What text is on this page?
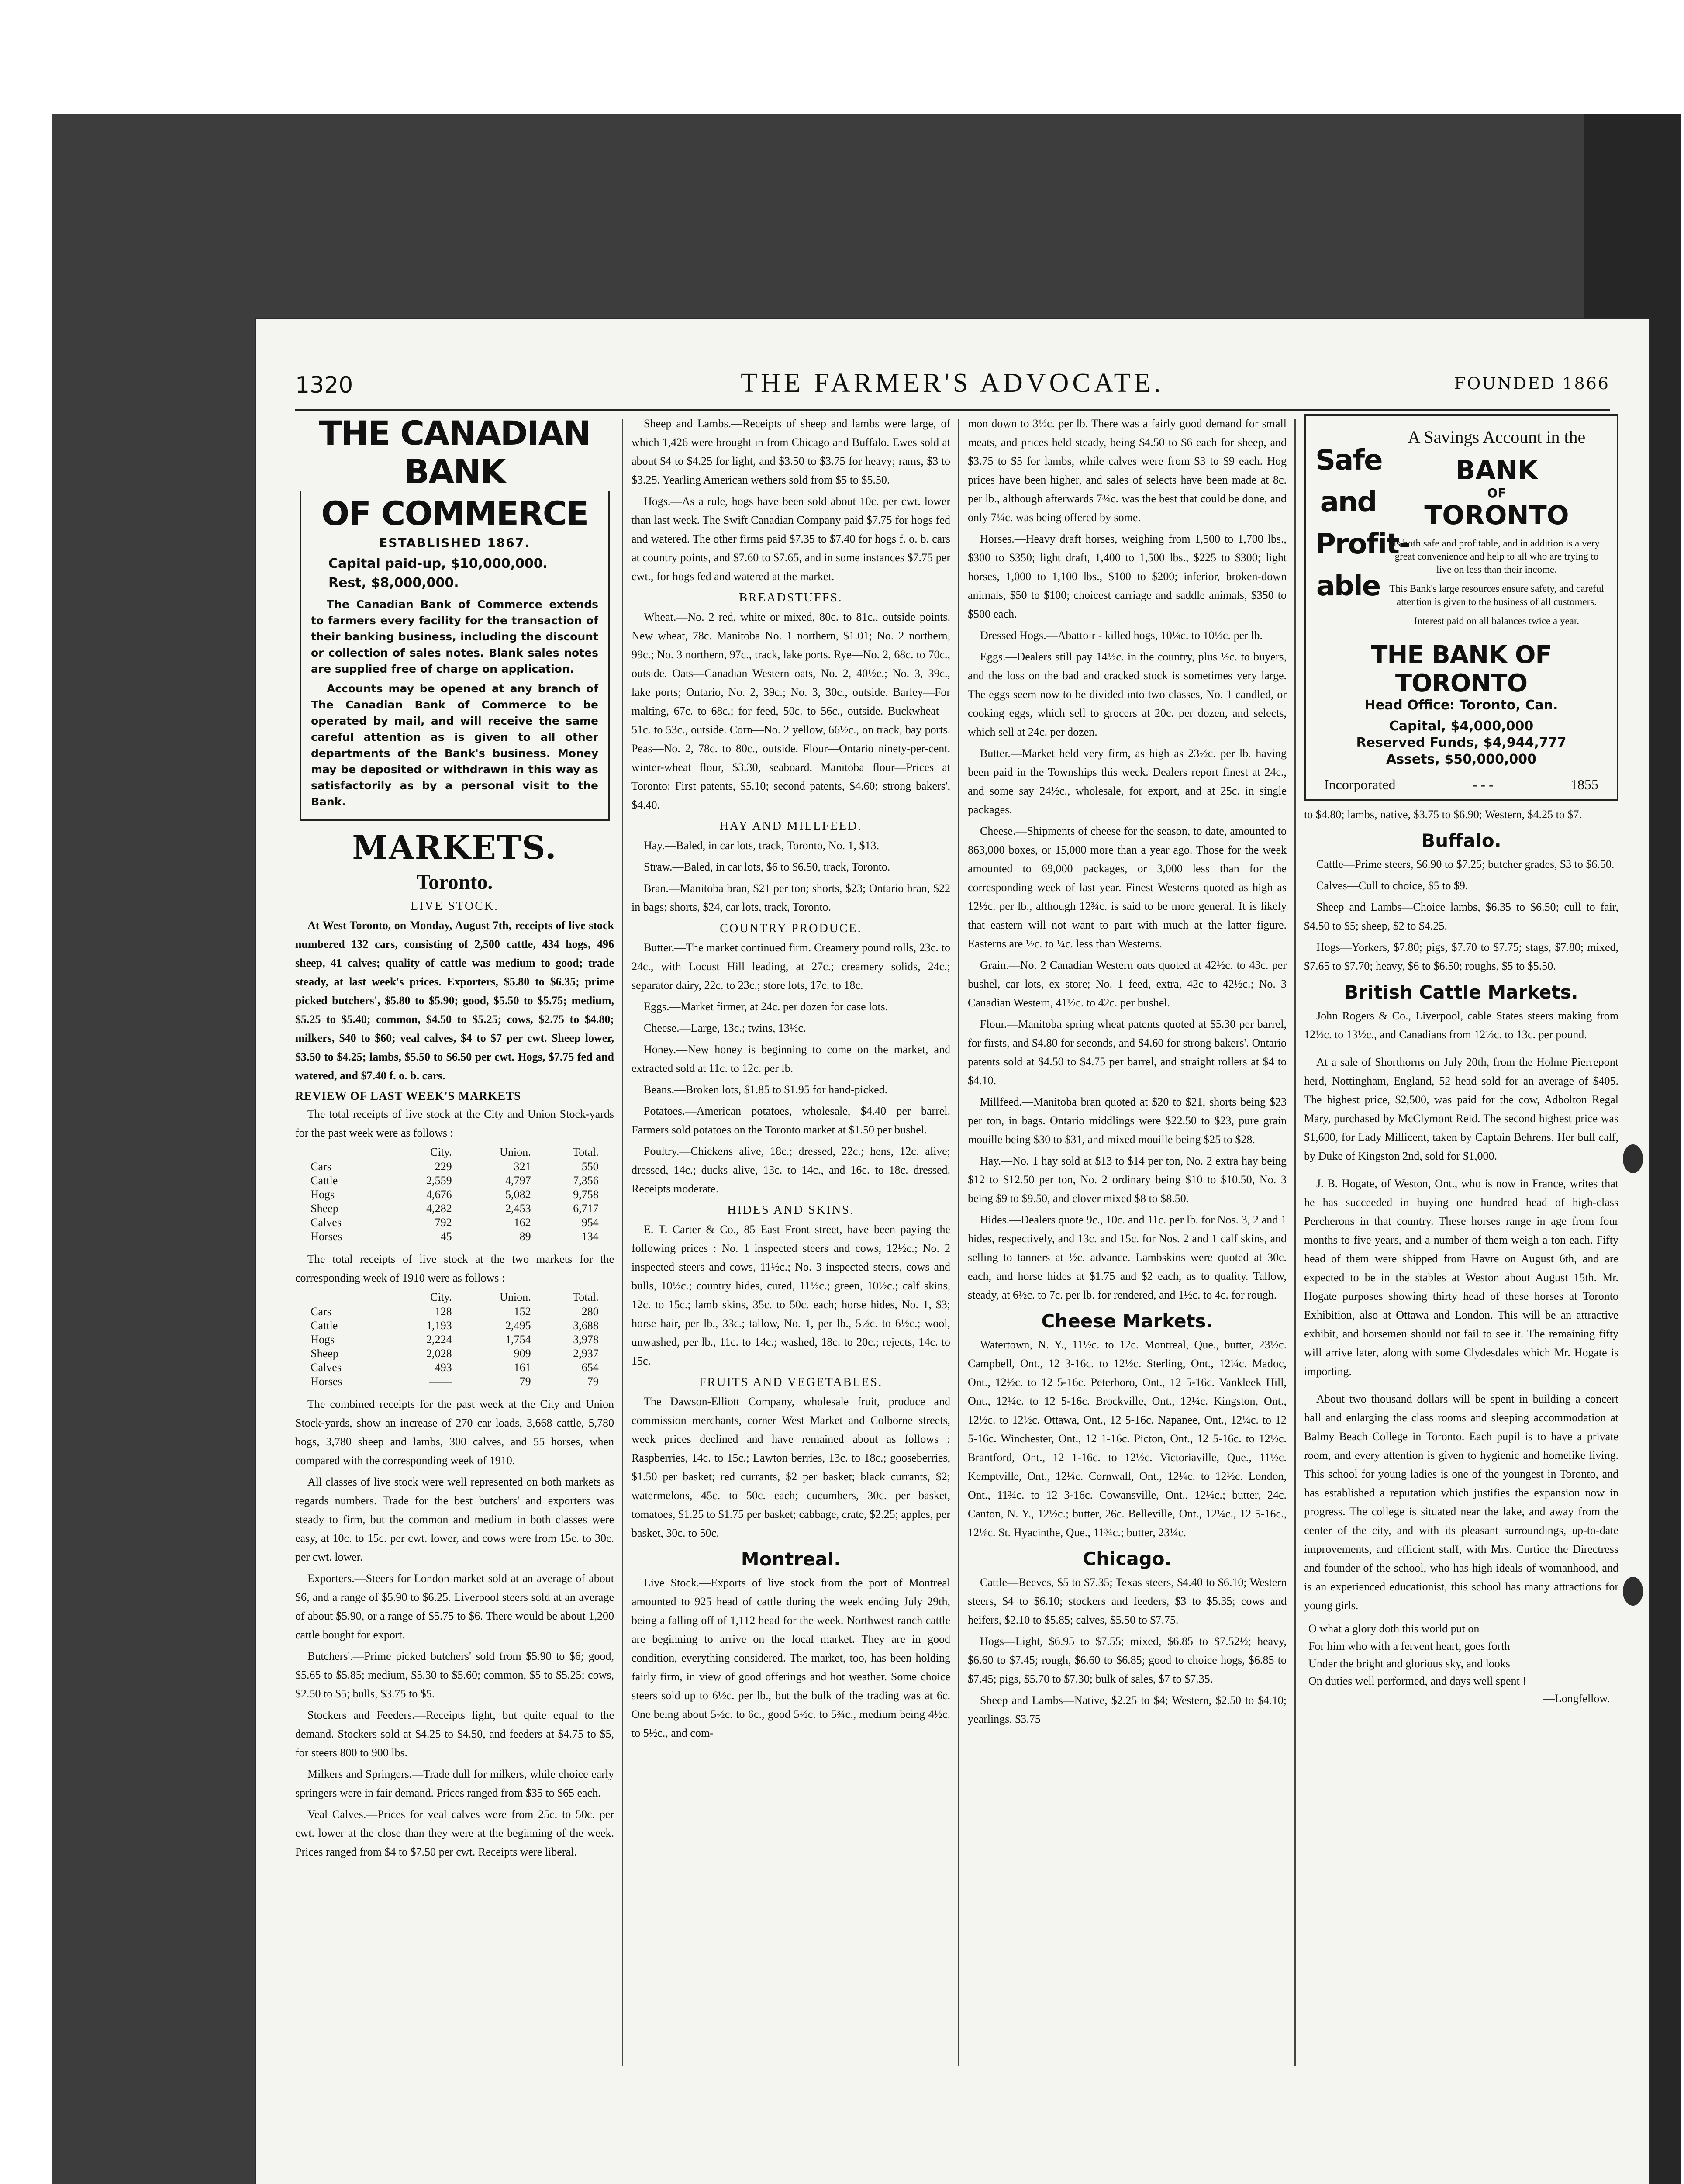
1320	THE FARMER'S ADVOCATE.	FOUNDED 1866
THE CANADIAN BANK
OF COMMERCE
ESTABLISHED 1867.
Capital paid-up, $10,000,000.
Rest, $8,000,000.

The Canadian Bank of Commerce extends to farmers every facility for the transaction of their banking business, including the discount or collection of sales notes. Blank sales notes are supplied free of charge on application.

Accounts may be opened at any branch of The Canadian Bank of Commerce to be operated by mail, and will receive the same careful attention as is given to all other departments of the Bank's business. Money may be deposited or withdrawn in this way as satisfactorily as by a personal visit to the Bank.

MARKETS.
Toronto.
LIVE STOCK.

At West Toronto, on Monday, August 7th, receipts of live stock numbered 132 cars, consisting of 2,500 cattle, 434 hogs, 496 sheep, 41 calves; quality of cattle was medium to good; trade steady, at last week's prices. Exporters, $5.80 to $6.35; prime picked butchers', $5.80 to $5.90; good, $5.50 to $5.75; medium, $5.25 to $5.40; common, $4.50 to $5.25; cows, $2.75 to $4.80; milkers, $40 to $60; veal calves, $4 to $7 per cwt. Sheep lower, $3.50 to $4.25; lambs, $5.50 to $6.50 per cwt. Hogs, $7.75 fed and watered, and $7.40 f. o. b. cars.

REVIEW OF LAST WEEK'S MARKETS

The total receipts of live stock at the City and Union Stock-yards for the past week were as follows :

	City.	Union.	Total.
Cars	229	321	550
Cattle	2,559	4,797	7,356
Hogs	4,676	5,082	9,758
Sheep	4,282	2,453	6,717
Calves	792	162	954
Horses	45	89	134

The total receipts of live stock at the two markets for the corresponding week of 1910 were as follows :

	City.	Union.	Total.
Cars	128	152	280
Cattle	1,193	2,495	3,688
Hogs	2,224	1,754	3,978
Sheep	2,028	909	2,937
Calves	493	161	654
Horses	——	79	79

The combined receipts for the past week at the City and Union Stock-yards, show an increase of 270 car loads, 3,668 cattle, 5,780 hogs, 3,780 sheep and lambs, 300 calves, and 55 horses, when compared with the corresponding week of 1910.

All classes of live stock were well represented on both markets as regards numbers. Trade for the best butchers' and exporters was steady to firm, but the common and medium in both classes were easy, at 10c. to 15c. per cwt. lower, and cows were from 15c. to 30c. per cwt. lower.

Exporters.—Steers for London market sold at an average of about $6, and a range of $5.90 to $6.25. Liverpool steers sold at an average of about $5.90, or a range of $5.75 to $6. There would be about 1,200 cattle bought for export.

Butchers'.—Prime picked butchers' sold from $5.90 to $6; good, $5.65 to $5.85; medium, $5.30 to $5.60; common, $5 to $5.25; cows, $2.50 to $5; bulls, $3.75 to $5.

Stockers and Feeders.—Receipts light, but quite equal to the demand. Stockers sold at $4.25 to $4.50, and feeders at $4.75 to $5, for steers 800 to 900 lbs.

Milkers and Springers.—Trade dull for milkers, while choice early springers were in fair demand. Prices ranged from $35 to $65 each.

Veal Calves.—Prices for veal calves were from 25c. to 50c. per cwt. lower at the close than they were at the beginning of the week. Prices ranged from $4 to $7.50 per cwt. Receipts were liberal.

Sheep and Lambs.—Receipts of sheep and lambs were large, of which 1,426 were brought in from Chicago and Buffalo. Ewes sold at about $4 to $4.25 for light, and $3.50 to $3.75 for heavy; rams, $3 to $3.25. Yearling American wethers sold from $5 to $5.50.

Hogs.—As a rule, hogs have been sold about 10c. per cwt. lower than last week. The Swift Canadian Company paid $7.75 for hogs fed and watered. The other firms paid $7.35 to $7.40 for hogs f. o. b. cars at country points, and $7.60 to $7.65, and in some instances $7.75 per cwt., for hogs fed and watered at the market.

BREADSTUFFS.

Wheat.—No. 2 red, white or mixed, 80c. to 81c., outside points. New wheat, 78c. Manitoba No. 1 northern, $1.01; No. 2 northern, 99c.; No. 3 northern, 97c., track, lake ports. Rye—No. 2, 68c. to 70c., outside. Oats—Canadian Western oats, No. 2, 40½c.; No. 3, 39c., lake ports; Ontario, No. 2, 39c.; No. 3, 30c., outside. Barley—For malting, 67c. to 68c.; for feed, 50c. to 56c., outside. Buckwheat—51c. to 53c., outside. Corn—No. 2 yellow, 66½c., on track, bay ports. Peas—No. 2, 78c. to 80c., outside. Flour—Ontario ninety-per-cent. winter-wheat flour, $3.30, seaboard. Manitoba flour—Prices at Toronto: First patents, $5.10; second patents, $4.60; strong bakers', $4.40.

HAY AND MILLFEED.

Hay.—Baled, in car lots, track, Toronto, No. 1, $13.

Straw.—Baled, in car lots, $6 to $6.50, track, Toronto.

Bran.—Manitoba bran, $21 per ton; shorts, $23; Ontario bran, $22 in bags; shorts, $24, car lots, track, Toronto.

COUNTRY PRODUCE.

Butter.—The market continued firm. Creamery pound rolls, 23c. to 24c., with Locust Hill leading, at 27c.; creamery solids, 24c.; separator dairy, 22c. to 23c.; store lots, 17c. to 18c.

Eggs.—Market firmer, at 24c. per dozen for case lots.

Cheese.—Large, 13c.; twins, 13½c.

Honey.—New honey is beginning to come on the market, and extracted sold at 11c. to 12c. per lb.

Beans.—Broken lots, $1.85 to $1.95 for hand-picked.

Potatoes.—American potatoes, wholesale, $4.40 per barrel. Farmers sold potatoes on the Toronto market at $1.50 per bushel.

Poultry.—Chickens alive, 18c.; dressed, 22c.; hens, 12c. alive; dressed, 14c.; ducks alive, 13c. to 14c., and 16c. to 18c. dressed. Receipts moderate.

HIDES AND SKINS.

E. T. Carter & Co., 85 East Front street, have been paying the following prices : No. 1 inspected steers and cows, 12½c.; No. 2 inspected steers and cows, 11½c.; No. 3 inspected steers, cows and bulls, 10½c.; country hides, cured, 11½c.; green, 10½c.; calf skins, 12c. to 15c.; lamb skins, 35c. to 50c. each; horse hides, No. 1, $3; horse hair, per lb., 33c.; tallow, No. 1, per lb., 5½c. to 6½c.; wool, unwashed, per lb., 11c. to 14c.; washed, 18c. to 20c.; rejects, 14c. to 15c.

FRUITS AND VEGETABLES.

The Dawson-Elliott Company, wholesale fruit, produce and commission merchants, corner West Market and Colborne streets, week prices declined and have remained about as follows : Raspberries, 14c. to 15c.; Lawton berries, 13c. to 18c.; gooseberries, $1.50 per basket; red currants, $2 per basket; black currants, $2; watermelons, 45c. to 50c. each; cucumbers, 30c. per basket, tomatoes, $1.25 to $1.75 per basket; cabbage, crate, $2.25; apples, per basket, 30c. to 50c.

Montreal.

Live Stock.—Exports of live stock from the port of Montreal amounted to 925 head of cattle during the week ending July 29th, being a falling off of 1,112 head for the week. Northwest ranch cattle are beginning to arrive on the local market. They are in good condition, everything considered. The market, too, has been holding fairly firm, in view of good offerings and hot weather. Some choice steers sold up to 6½c. per lb., but the bulk of the trading was at 6c. One being about 5½c. to 6c., good 5½c. to 5¾c., medium being 4½c. to 5½c., and com-

mon down to 3½c. per lb. There was a fairly good demand for small meats, and prices held steady, being $4.50 to $6 each for sheep, and $3.75 to $5 for lambs, while calves were from $3 to $9 each. Hog prices have been higher, and sales of selects have been made at 8c. per lb., although afterwards 7¾c. was the best that could be done, and only 7¼c. was being offered by some.

Horses.—Heavy draft horses, weighing from 1,500 to 1,700 lbs., $300 to $350; light draft, 1,400 to 1,500 lbs., $225 to $300; light horses, 1,000 to 1,100 lbs., $100 to $200; inferior, broken-down animals, $50 to $100; choicest carriage and saddle animals, $350 to $500 each.

Dressed Hogs.—Abattoir - killed hogs, 10¼c. to 10½c. per lb.

Eggs.—Dealers still pay 14½c. in the country, plus ½c. to buyers, and the loss on the bad and cracked stock is sometimes very large. The eggs seem now to be divided into two classes, No. 1 candled, or cooking eggs, which sell to grocers at 20c. per dozen, and selects, which sell at 24c. per dozen.

Butter.—Market held very firm, as high as 23½c. per lb. having been paid in the Townships this week. Dealers report finest at 24c., and some say 24½c., wholesale, for export, and at 25c. in single packages.

Cheese.—Shipments of cheese for the season, to date, amounted to 863,000 boxes, or 15,000 more than a year ago. Those for the week amounted to 69,000 packages, or 3,000 less than for the corresponding week of last year. Finest Westerns quoted as high as 12½c. per lb., although 12¾c. is said to be more general. It is likely that eastern will not want to part with much at the latter figure. Easterns are ½c. to ¼c. less than Westerns.

Grain.—No. 2 Canadian Western oats quoted at 42½c. to 43c. per bushel, car lots, ex store; No. 1 feed, extra, 42c to 42½c.; No. 3 Canadian Western, 41½c. to 42c. per bushel.

Flour.—Manitoba spring wheat patents quoted at $5.30 per barrel, for firsts, and $4.80 for seconds, and $4.60 for strong bakers'. Ontario patents sold at $4.50 to $4.75 per barrel, and straight rollers at $4 to $4.10.

Millfeed.—Manitoba bran quoted at $20 to $21, shorts being $23 per ton, in bags. Ontario middlings were $22.50 to $23, pure grain mouille being $30 to $31, and mixed mouille being $25 to $28.

Hay.—No. 1 hay sold at $13 to $14 per ton, No. 2 extra hay being $12 to $12.50 per ton, No. 2 ordinary being $10 to $10.50, No. 3 being $9 to $9.50, and clover mixed $8 to $8.50.

Hides.—Dealers quote 9c., 10c. and 11c. per lb. for Nos. 3, 2 and 1 hides, respectively, and 13c. and 15c. for Nos. 2 and 1 calf skins, and selling to tanners at ½c. advance. Lambskins were quoted at 30c. each, and horse hides at $1.75 and $2 each, as to quality. Tallow, steady, at 6½c. to 7c. per lb. for rendered, and 1½c. to 4c. for rough.

Cheese Markets.

Watertown, N. Y., 11½c. to 12c. Montreal, Que., butter, 23½c. Campbell, Ont., 12 3-16c. to 12½c. Sterling, Ont., 12¼c. Madoc, Ont., 12½c. to 12 5-16c. Peterboro, Ont., 12 5-16c. Vankleek Hill, Ont., 12¼c. to 12 5-16c. Brockville, Ont., 12¼c. Kingston, Ont., 12½c. to 12½c. Ottawa, Ont., 12 5-16c. Napanee, Ont., 12¼c. to 12 5-16c. Winchester, Ont., 12 1-16c. Picton, Ont., 12 5-16c. to 12½c. Brantford, Ont., 12 1-16c. to 12½c. Victoriaville, Que., 11½c. Kemptville, Ont., 12¼c. Cornwall, Ont., 12¼c. to 12½c. London, Ont., 11¾c. to 12 3-16c. Cowansville, Ont., 12¼c.; butter, 24c. Canton, N. Y., 12½c.; butter, 26c. Belleville, Ont., 12¼c., 12 5-16c., 12⅛c. St. Hyacinthe, Que., 11¾c.; butter, 23¼c.

Chicago.

Cattle—Beeves, $5 to $7.35; Texas steers, $4.40 to $6.10; Western steers, $4 to $6.10; stockers and feeders, $3 to $5.35; cows and heifers, $2.10 to $5.85; calves, $5.50 to $7.75.

Hogs—Light, $6.95 to $7.55; mixed, $6.85 to $7.52½; heavy, $6.60 to $7.45; rough, $6.60 to $6.85; good to choice hogs, $6.85 to $7.45; pigs, $5.70 to $7.30; bulk of sales, $7 to $7.35.

Sheep and Lambs—Native, $2.25 to $4; Western, $2.50 to $4.10; yearlings, $3.75

Safe
and
Profit-
able
A Savings Account in the
BANK
OF
TORONTO
is both safe and profitable, and in addition is a very great convenience and help to all who are trying to live on less than their income.
This Bank's large resources ensure safety, and careful attention is given to the business of all customers.
Interest paid on all balances twice a year.
THE BANK OF TORONTO
Head Office: Toronto, Can.
Capital, $4,000,000
Reserved Funds, $4,944,777
Assets, $50,000,000
Incorporated	- - -	1855

to $4.80; lambs, native, $3.75 to $6.90; Western, $4.25 to $7.

Buffalo.

Cattle—Prime steers, $6.90 to $7.25; butcher grades, $3 to $6.50.

Calves—Cull to choice, $5 to $9.

Sheep and Lambs—Choice lambs, $6.35 to $6.50; cull to fair, $4.50 to $5; sheep, $2 to $4.25.

Hogs—Yorkers, $7.80; pigs, $7.70 to $7.75; stags, $7.80; mixed, $7.65 to $7.70; heavy, $6 to $6.50; roughs, $5 to $5.50.

British Cattle Markets.

John Rogers & Co., Liverpool, cable States steers making from 12½c. to 13½c., and Canadians from 12½c. to 13c. per pound.

At a sale of Shorthorns on July 20th, from the Holme Pierrepont herd, Nottingham, England, 52 head sold for an average of $405. The highest price, $2,500, was paid for the cow, Adbolton Regal Mary, purchased by McClymont Reid. The second highest price was $1,600, for Lady Millicent, taken by Captain Behrens. Her bull calf, by Duke of Kingston 2nd, sold for $1,000.

J. B. Hogate, of Weston, Ont., who is now in France, writes that he has succeeded in buying one hundred head of high-class Percherons in that country. These horses range in age from four months to five years, and a number of them weigh a ton each. Fifty head of them were shipped from Havre on August 6th, and are expected to be in the stables at Weston about August 15th. Mr. Hogate purposes showing thirty head of these horses at Toronto Exhibition, also at Ottawa and London. This will be an attractive exhibit, and horsemen should not fail to see it. The remaining fifty will arrive later, along with some Clydesdales which Mr. Hogate is importing.

About two thousand dollars will be spent in building a concert hall and enlarging the class rooms and sleeping accommodation at Balmy Beach College in Toronto. Each pupil is to have a private room, and every attention is given to hygienic and homelike living. This school for young ladies is one of the youngest in Toronto, and has established a reputation which justifies the expansion now in progress. The college is situated near the lake, and away from the center of the city, and with its pleasant surroundings, up-to-date improvements, and efficient staff, with Mrs. Curtice the Directress and founder of the school, who has high ideals of womanhood, and is an experienced educationist, this school has many attractions for young girls.

O what a glory doth this world put on
For him who with a fervent heart, goes forth
Under the bright and glorious sky, and looks
On duties well performed, and days well spent !
—Longfellow.
